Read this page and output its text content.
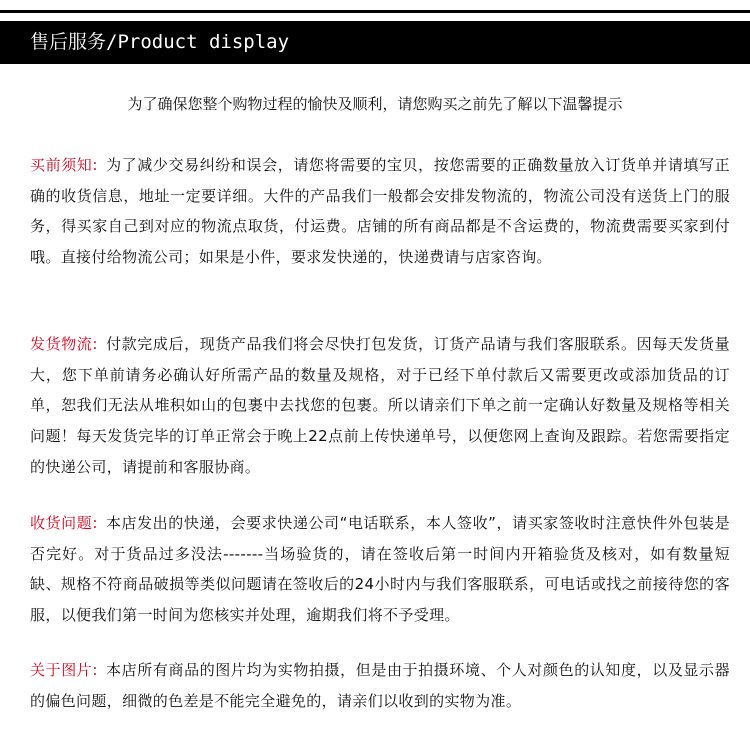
售后服务/Product display
为了确保您整个购物过程的愉快及顺利，请您购买之前先了解以下温馨提示
买前须知: 为了减少交易纠纷和误会，请您将需要的宝贝，按您需要的正确数量放入订货单并请填写正确的收货信息，地址一定要详细。大件的产品我们一般都会安排发物流的，物流公司没有送货上门的服务，得买家自己到对应的物流点取货，付运费。店铺的所有商品都是不含运费的，物流费需要买家到付哦。直接付给物流公司；如果是小件，要求发快递的，快递费请与店家咨询。
发货物流: 付款完成后，现货产品我们将会尽快打包发货，订货产品请与我们客服联系。因每天发货量大，您下单前请务必确认好所需产品的数量及规格，对于已经下单付款后又需要更改或添加货品的订单，恕我们无法从堆积如山的包裹中去找您的包裹。所以请亲们下单之前一定确认好数量及规格等相关问题！每天发货完毕的订单正常会于晚上22点前上传快递单号，以便您网上查询及跟踪。若您需要指定的快递公司，请提前和客服协商。
收货问题: 本店发出的快递，会要求快递公司“电话联系，本人签收”，请买家签收时注意快件外包装是否完好。对于货品过多没法-------当场验货的，请在签收后第一时间内开箱验货及核对，如有数量短缺、规格不符商品破损等类似问题请在签收后的24小时内与我们客服联系，可电话或找之前接待您的客服，以便我们第一时间为您核实并处理，逾期我们将不予受理。
关于图片: 本店所有商品的图片均为实物拍摄，但是由于拍摄环境、个人对颜色的认知度，以及显示器的偏色问题，细微的色差是不能完全避免的，请亲们以收到的实物为准。
